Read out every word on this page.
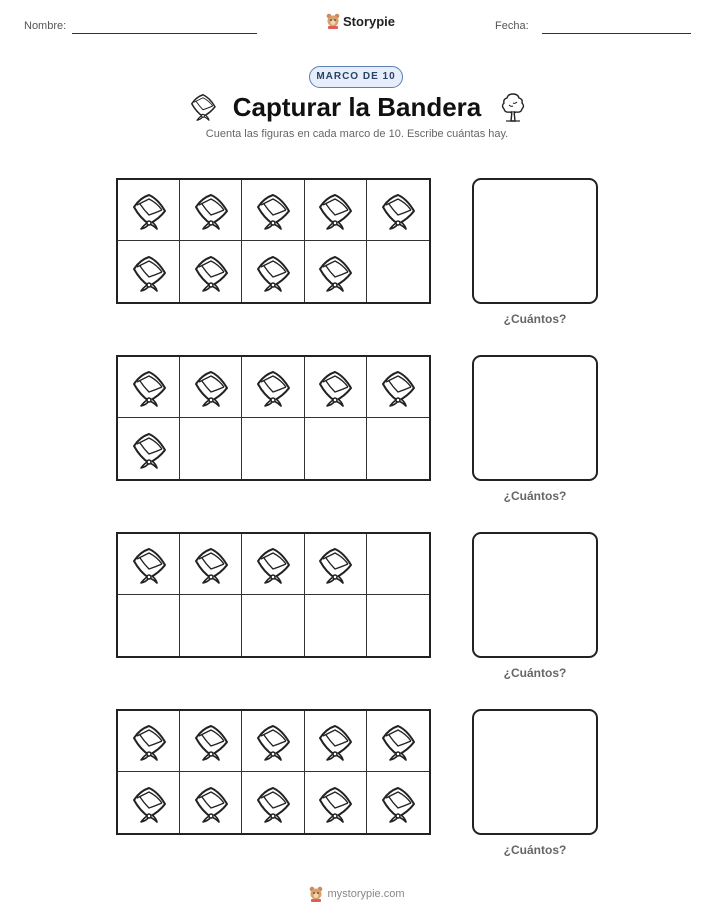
Nombre:	Storypie	Fecha:
MARCO DE 10
Capturar la Bandera
Cuenta las figuras en cada marco de 10. Escribe cuántas hay.
¿Cuántos?
¿Cuántos?
¿Cuántos?
¿Cuántos?
mystorypie.com
